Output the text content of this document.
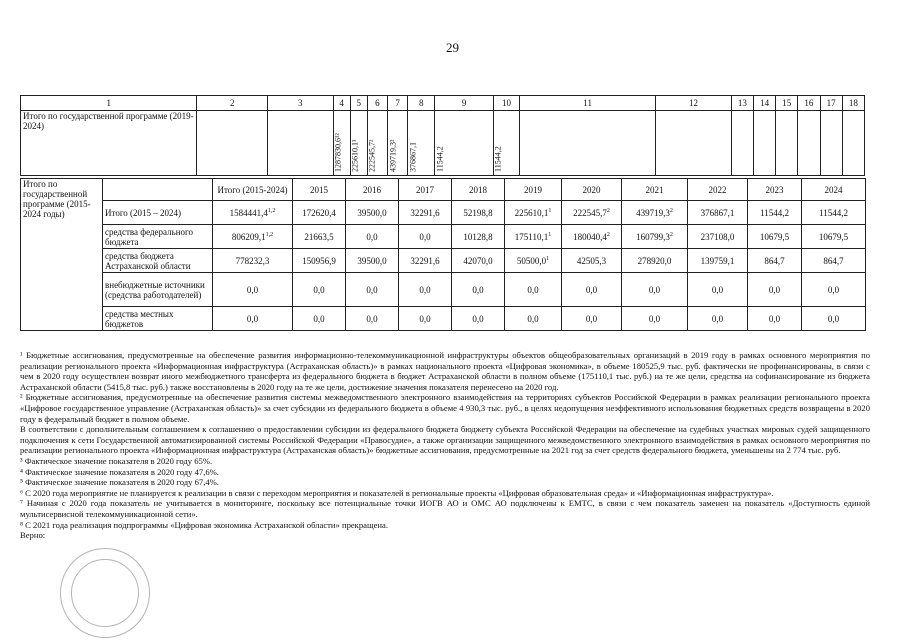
29
1	2	3	4	5	6	7	8	9	10	11	12	13	14	15	16	17	18
Итого по государственной программе (2019-2024)			1287830,6¹²	225610,1¹	222545,7²	439719,3²	376867,1	11544,2	11544,2								
Итого по государственной программе (2015-2024 годы)		Итого (2015-2024)	2015	2016	2017	2018	2019	2020	2021	2022	2023	2024
	Итого (2015 – 2024)	1584441,4$^{1,2}$	172620,4	39500,0	32291,6	52198,8	225610,1$^1$	222545,7$^2$	439719,3$^2$	376867,1	11544,2	11544,2
	средства федерального бюджета	806209,1$^{1,2}$	21663,5	0,0	0,0	10128,8	175110,1$^1$	180040,4$^2$	160799,3$^2$	237108,0	10679,5	10679,5
	средства бюджета Астраханской области	778232,3	150956,9	39500,0	32291,6	42070,0	50500,0$^1$	42505,3	278920,0	139759,1	864,7	864,7
	внебюджетные источники (средства работодателей)	0,0	0,0	0,0	0,0	0,0	0,0	0,0	0,0	0,0	0,0	0,0
	средства местных бюджетов	0,0	0,0	0,0	0,0	0,0	0,0	0,0	0,0	0,0	0,0	0,0

¹ Бюджетные ассигнования, предусмотренные на обеспечение развития информационно-телекоммуникационной инфраструктуры объектов общеобразовательных организаций в 2019 году в рамках основного мероприятия по реализации регионального проекта «Информационная инфраструктура (Астраханская область)» в рамках национального проекта «Цифровая экономика», в объеме 180525,9 тыс. руб. фактически не профинансированы, в связи с чем в 2020 году осуществлен возврат иного межбюджетного трансферта из федерального бюджета в бюджет Астраханской области в полном объеме (175110,1 тыс. руб.) на те же цели, средства на софинансирование из бюджета Астраханской области (5415,8 тыс. руб.) также восстановлены в 2020 году на те же цели, достижение значения показателя перенесено на 2020 год.

² Бюджетные ассигнования, предусмотренные на обеспечение развития системы межведомственного электронного взаимодействия на территориях субъектов Российской Федерации в рамках реализации регионального проекта «Цифровое государственное управление (Астраханская область)» за счет субсидии из федерального бюджета в объеме 4 930,3 тыс. руб., в целях недопущения неэффективного использования бюджетных средств возвращены в 2020 году в федеральный бюджет в полном объеме.

В соответствии с дополнительным соглашением к соглашению о предоставлении субсидии из федерального бюджета бюджету субъекта Российской Федерации на обеспечение на судебных участках мировых судей защищенного подключения к сети Государственной автоматизированной системы Российской Федерации «Правосудие», а также организации защищенного межведомственного электронного взаимодействия в рамках основного мероприятия по реализации регионального проекта «Информационная инфраструктура (Астраханская область)» бюджетные ассигнования, предусмотренные на 2021 год за счет средств федерального бюджета, уменьшены на 2 774 тыс. руб.

³ Фактическое значение показателя в 2020 году 65%.

⁴ Фактическое значение показателя в 2020 году 47,6%.

⁵ Фактическое значение показателя в 2020 году 67,4%.

⁶ С 2020 года мероприятие не планируется к реализации в связи с переходом мероприятия и показателей в региональные проекты «Цифровая образовательная среда» и «Информационная инфраструктура».

⁷ Начиная с 2020 года показатель не учитывается в мониторинге, поскольку все потенциальные точки ИОГВ АО и ОМС АО подключены к ЕМТС, в связи с чем показатель заменен на показатель «Доступность единой мультисервисной телекоммуникационной сети».

⁸ С 2021 года реализация подпрограммы «Цифровая экономика Астраханской области» прекращена.

Верно:
